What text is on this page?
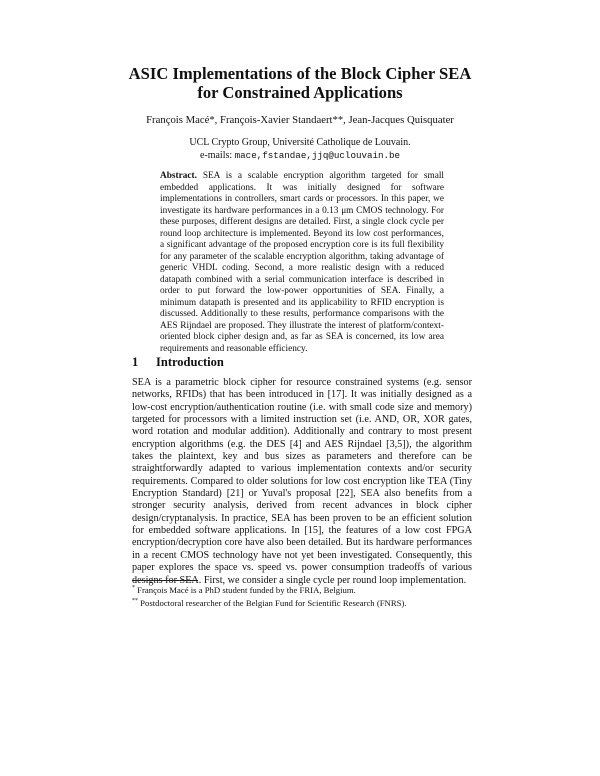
ASIC Implementations of the Block Cipher SEA
for Constrained Applications
François Macé*, François-Xavier Standaert**, Jean-Jacques Quisquater
UCL Crypto Group, Université Catholique de Louvain.
e-mails: mace,fstandae,jjq@uclouvain.be
Abstract. SEA is a scalable encryption algorithm targeted for small embedded applications. It was initially designed for software implementations in controllers, smart cards or processors. In this paper, we investigate its hardware performances in a 0.13 μm CMOS technology. For these purposes, different designs are detailed. First, a single clock cycle per round loop architecture is implemented. Beyond its low cost performances, a significant advantage of the proposed encryption core is its full flexibility for any parameter of the scalable encryption algorithm, taking advantage of generic VHDL coding. Second, a more realistic design with a reduced datapath combined with a serial communication interface is described in order to put forward the low-power opportunities of SEA. Finally, a minimum datapath is presented and its applicability to RFID encryption is discussed. Additionally to these results, performance comparisons with the AES Rijndael are proposed. They illustrate the interest of platform/context-oriented block cipher design and, as far as SEA is concerned, its low area requirements and reasonable efficiency.
1 Introduction
SEA is a parametric block cipher for resource constrained systems (e.g. sensor networks, RFIDs) that has been introduced in [17]. It was initially designed as a low-cost encryption/authentication routine (i.e. with small code size and memory) targeted for processors with a limited instruction set (i.e. AND, OR, XOR gates, word rotation and modular addition). Additionally and contrary to most present encryption algorithms (e.g. the DES [4] and AES Rijndael [3,5]), the algorithm takes the plaintext, key and bus sizes as parameters and therefore can be straightforwardly adapted to various implementation contexts and/or security requirements. Compared to older solutions for low cost encryption like TEA (Tiny Encryption Standard) [21] or Yuval's proposal [22], SEA also benefits from a stronger security analysis, derived from recent advances in block cipher design/cryptanalysis. In practice, SEA has been proven to be an efficient solution for embedded software applications. In [15], the features of a low cost FPGA encryption/decryption core have also been detailed. But its hardware performances in a recent CMOS technology have not yet been investigated. Consequently, this paper explores the space vs. speed vs. power consumption tradeoffs of various designs for SEA. First, we consider a single cycle per round loop implementation.
* François Macé is a PhD student funded by the FRIA, Belgium.
** Postdoctoral researcher of the Belgian Fund for Scientific Research (FNRS).
